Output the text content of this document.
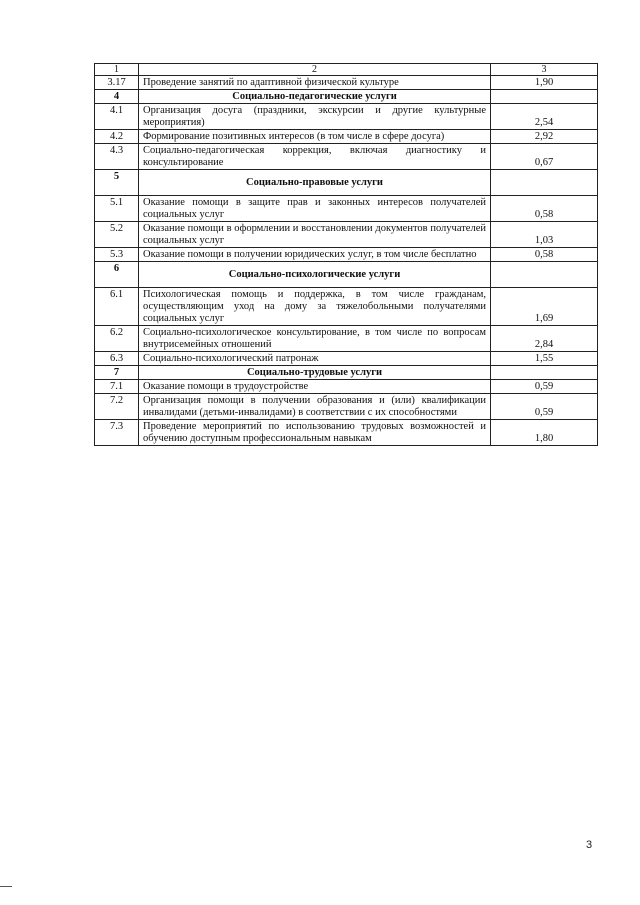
1	2	3
3.17	Проведение занятий по адаптивной физической культуре	1,90
4	Социально-педагогические услуги	
4.1	Организация досуга (праздники, экскурсии и другие культурные мероприятия)	2,54
4.2	Формирование позитивных интересов (в том числе в сфере досуга)	2,92
4.3	Социально-педагогическая коррекция, включая диагностику и консультирование	0,67
5	Социально-правовые услуги	
5.1	Оказание помощи в защите прав и законных интересов получателей социальных услуг	0,58
5.2	Оказание помощи в оформлении и восстановлении документов получателей социальных услуг	1,03
5.3	Оказание помощи в получении юридических услуг, в том числе бесплатно	0,58
6	Социально-психологические услуги	
6.1	Психологическая помощь и поддержка, в том числе гражданам, осуществляющим уход на дому за тяжелобольными получателями социальных услуг	1,69
6.2	Социально-психологическое консультирование, в том числе по вопросам внутрисемейных отношений	2,84
6.3	Социально-психологический патронаж	1,55
7	Социально-трудовые услуги	
7.1	Оказание помощи в трудоустройстве	0,59
7.2	Организация помощи в получении образования и (или) квалификации инвалидами (детьми-инвалидами) в соответствии с их способностями	0,59
7.3	Проведение мероприятий по использованию трудовых возможностей и обучению доступным профессиональным навыкам	1,80
3
